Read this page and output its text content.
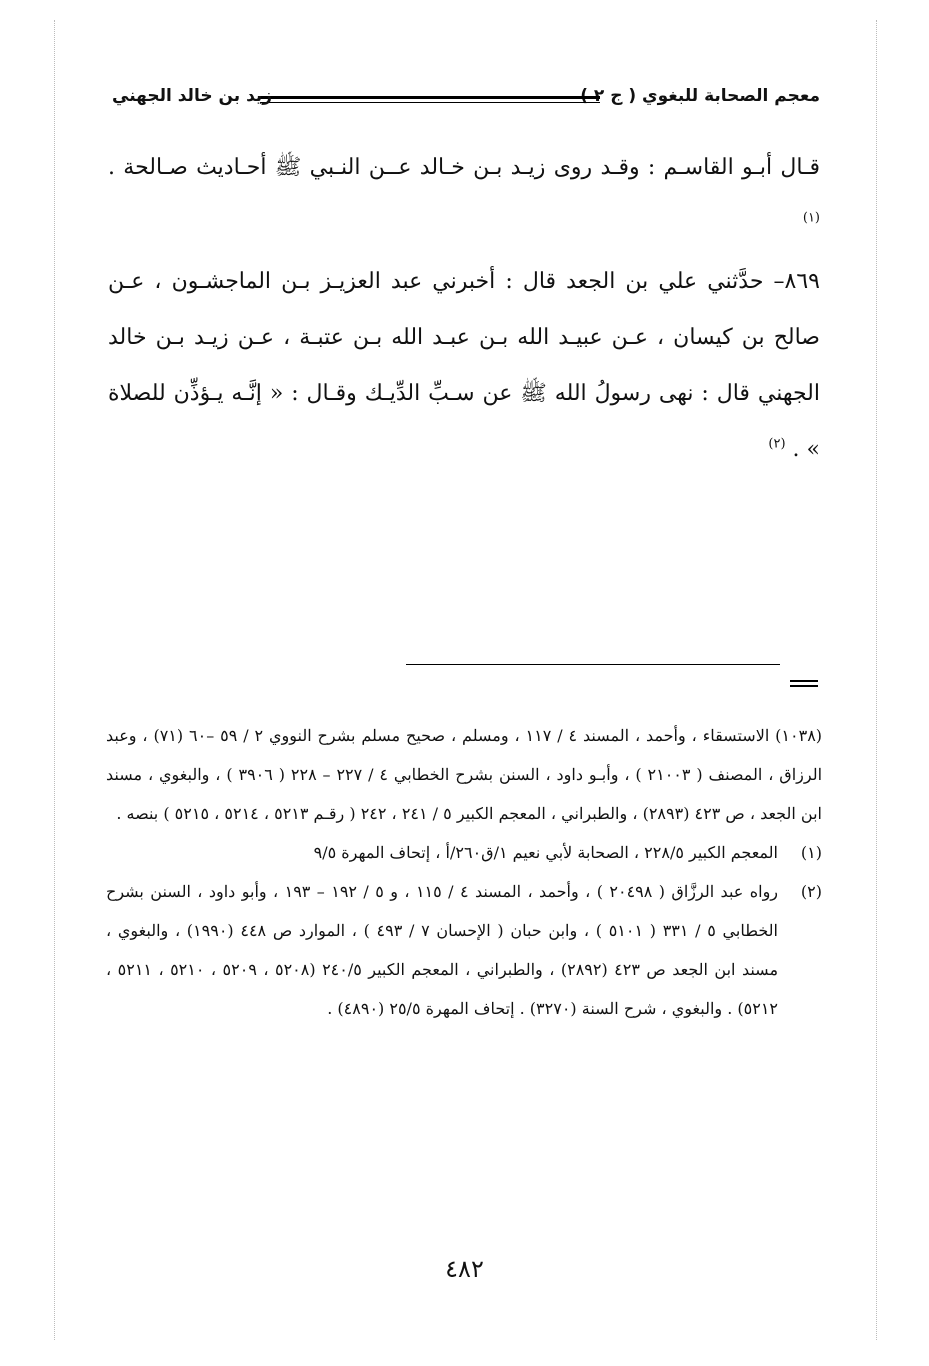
معجم الصحابة للبغوي ( ج ٢ )
زيد بن خالد الجهني

قـال أبـو القاسـم : وقـد روى زيـد بـن خـالد عــن النـبي ﷺ أحـاديث صـالحة . $^{(١)}$

٨٦٩– حدَّثني علي بن الجعد قال : أخبرني عبد العزيـز بـن الماجشـون ، عـن صالح بن كيسان ، عـن عبيـد الله بـن عبـد الله بـن عتبـة ، عـن زيـد بـن خالد الجهني قال : نهى رسولُ الله ﷺ عن سـبِّ الدِّيـك وقـال : « إنَّـه يـؤذِّن للصلاة » . $^{(٢)}$

(١٠٣٨) الاستسقاء ، وأحمد ، المسند ٤ / ١١٧ ، ومسلم ، صحيح مسلم بشرح النووي ٢ / ٥٩ –٦٠ (٧١) ، وعبد الرزاق ، المصنف ( ٢١٠٠٣ ) ، وأبـو داود ، السنن بشرح الخطابي ٤ / ٢٢٧ – ٢٢٨ ( ٣٩٠٦ ) ، والبغوي ، مسند ابن الجعد ، ص ٤٢٣ (٢٨٩٣) ، والطبراني ، المعجم الكبير ٥ / ٢٤١ ، ٢٤٢ ( رقـم ٥٢١٣ ، ٥٢١٤ ، ٥٢١٥ ) بنصه .

(١)
المعجم الكبير ٢٢٨/٥ ، الصحابة لأبي نعيم ١/ق٢٦٠/أ ، إتحاف المهرة ٩/٥

(٢)
رواه عبد الرزَّاق ( ٢٠٤٩٨ ) ، وأحمد ، المسند ٤ / ١١٥ ، و ٥ / ١٩٢ – ١٩٣ ، وأبو داود ، السنن بشرح الخطابي ٥ / ٣٣١ ( ٥١٠١ ) ، وابن حبان ( الإحسان ٧ / ٤٩٣ ) ، الموارد ص ٤٤٨ (١٩٩٠) ، والبغوي ، مسند ابن الجعد ص ٤٢٣ (٢٨٩٢) ، والطبراني ، المعجم الكبير ٢٤٠/٥ (٥٢٠٨ ، ٥٢٠٩ ، ٥٢١٠ ، ٥٢١١ ، ٥٢١٢) . والبغوي ، شرح السنة (٣٢٧٠) . إتحاف المهرة ٢٥/٥ (٤٨٩٠) .

٤٨٢
